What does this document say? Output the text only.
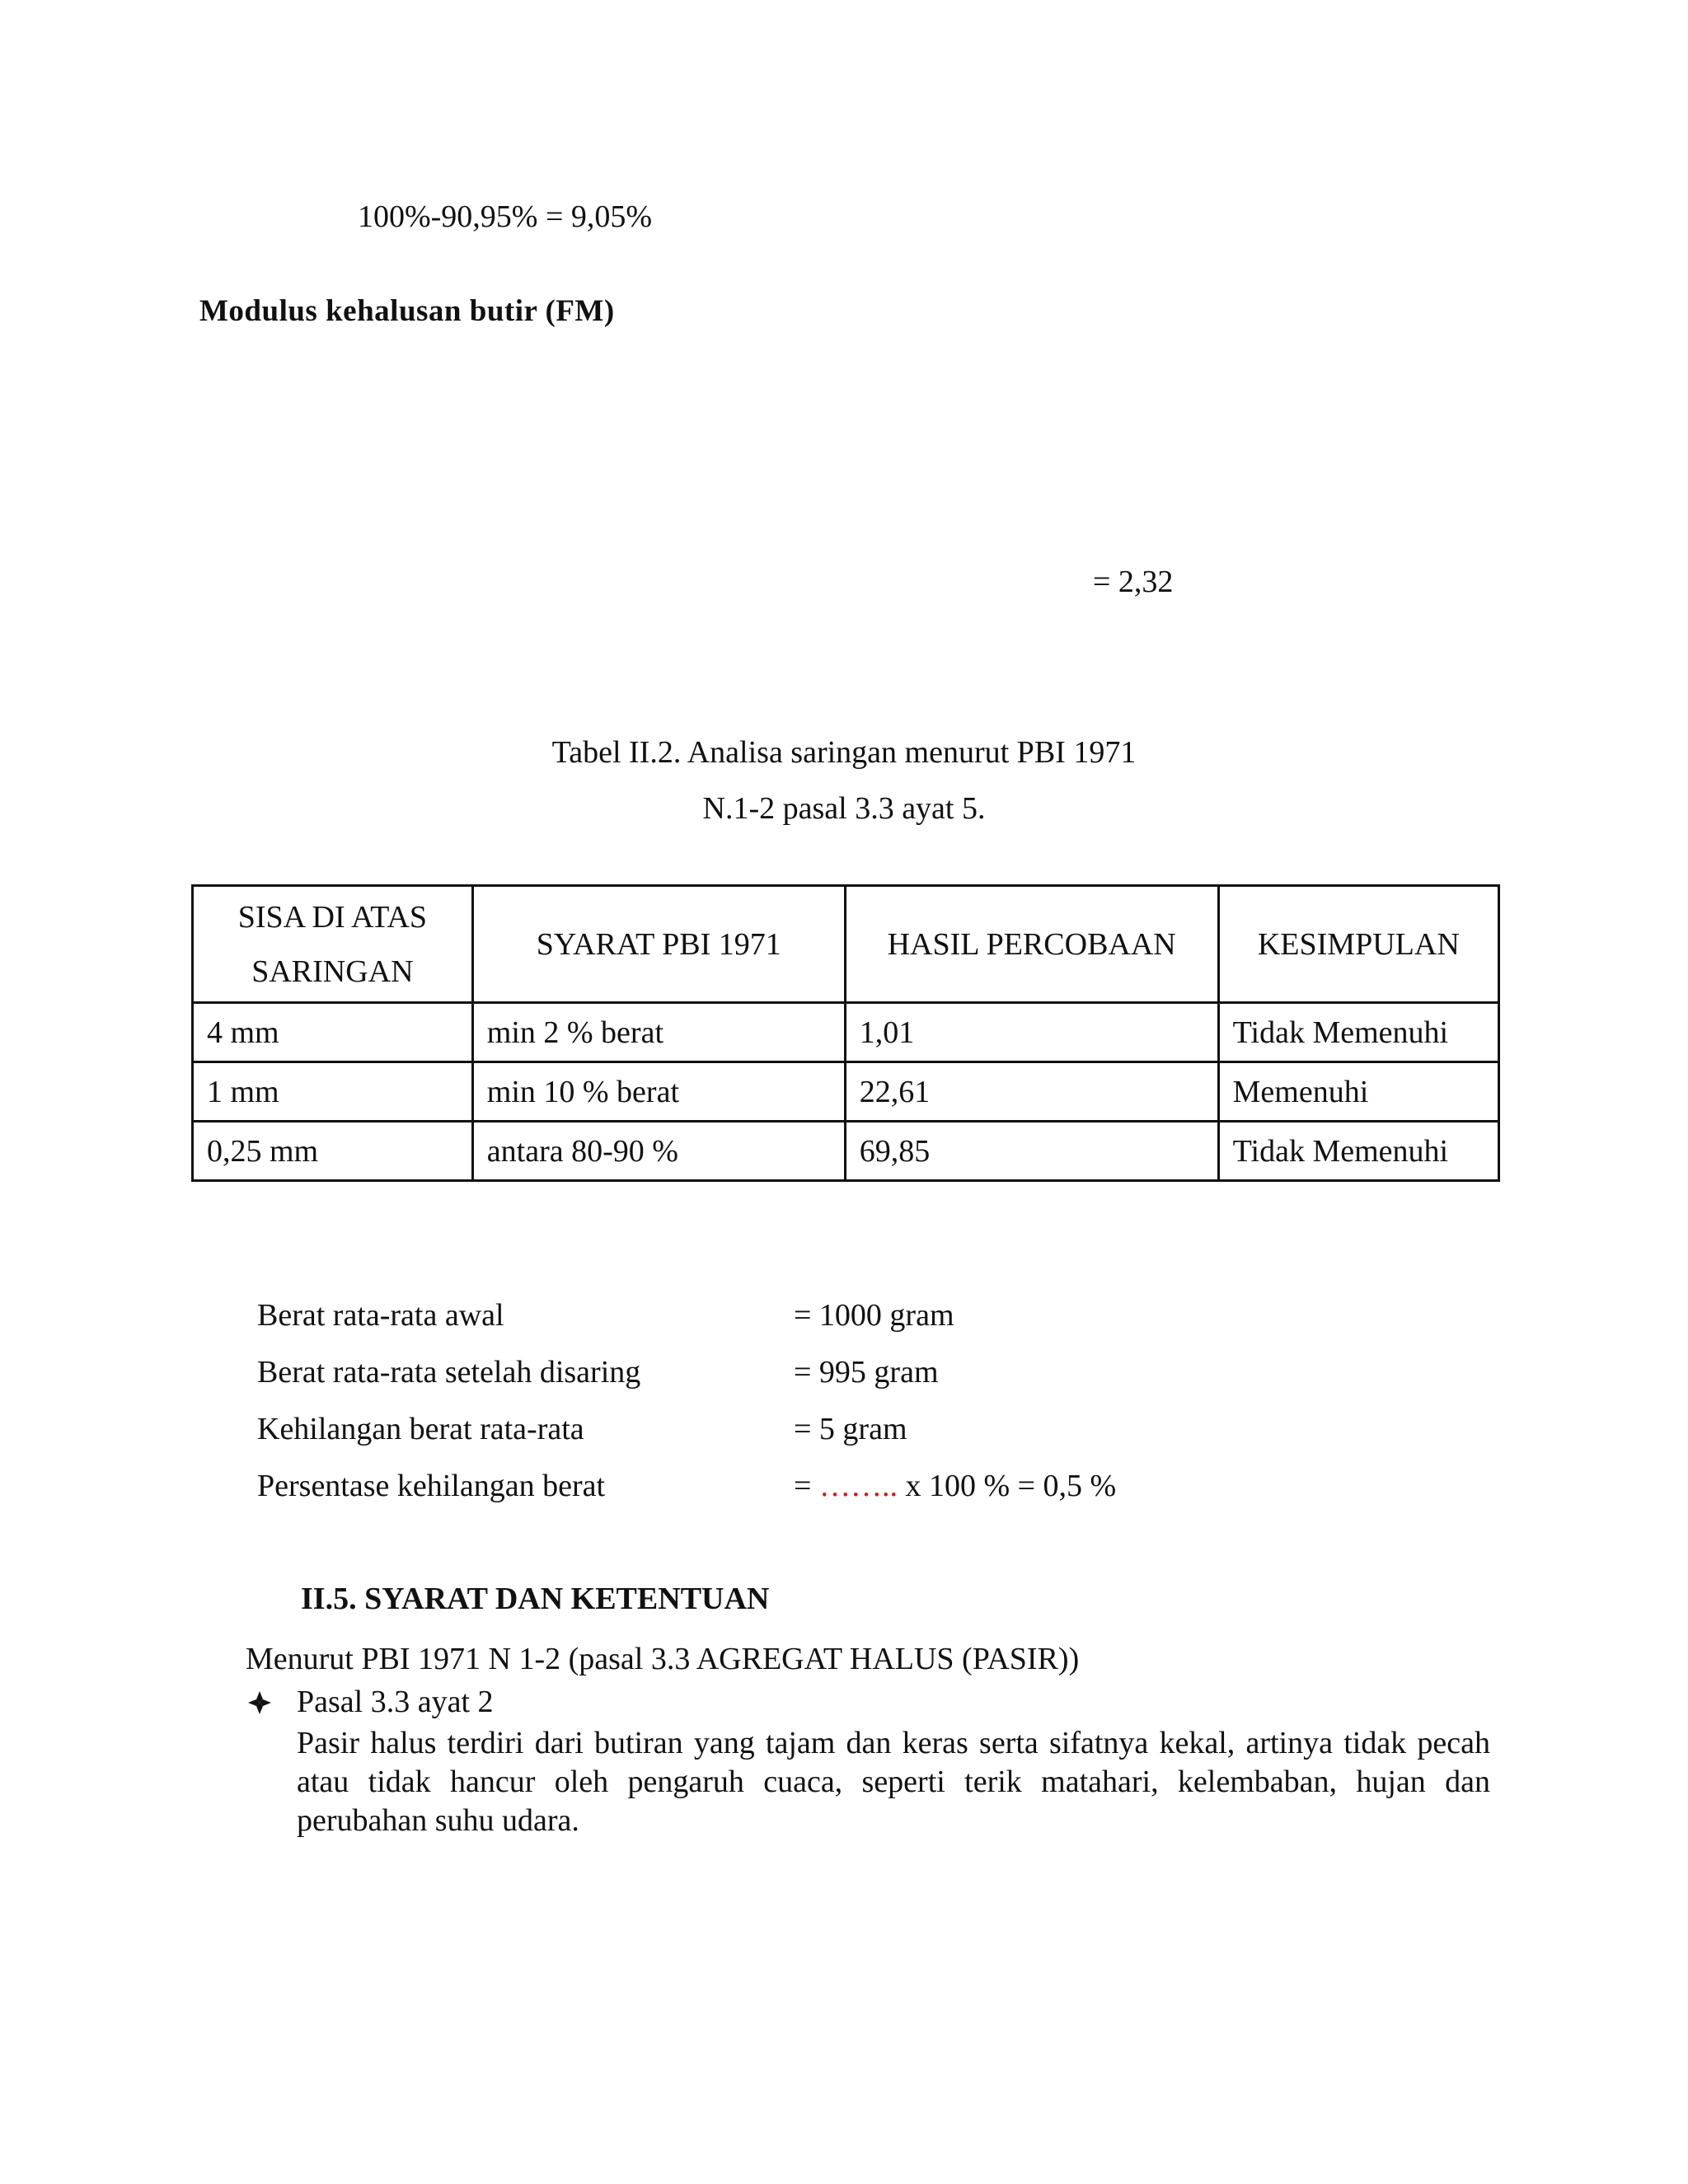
100%-90,95% = 9,05%
Modulus kehalusan butir (FM)
= 2,32
Tabel II.2. Analisa saringan menurut PBI 1971
N.1-2 pasal 3.3 ayat 5.
SISA DI ATAS SARINGAN	SYARAT PBI 1971	HASIL PERCOBAAN	KESIMPULAN
4 mm	min 2 % berat	1,01	Tidak Memenuhi
1 mm	min 10 % berat	22,61	Memenuhi
0,25 mm	antara 80-90 %	69,85	Tidak Memenuhi
Berat rata-rata awal	= 1000 gram
Berat rata-rata setelah disaring	= 995 gram
Kehilangan berat rata-rata	= 5 gram
Persentase kehilangan berat	= …….. x 100 % = 0,5 %
II.5. SYARAT DAN KETENTUAN
Menurut PBI 1971 N 1-2 (pasal 3.3 AGREGAT HALUS (PASIR))
Pasal 3.3 ayat 2
Pasir halus terdiri dari butiran yang tajam dan keras serta sifatnya kekal, artinya tidak pecah atau tidak hancur oleh pengaruh cuaca, seperti terik matahari, kelembaban, hujan dan perubahan suhu udara.
